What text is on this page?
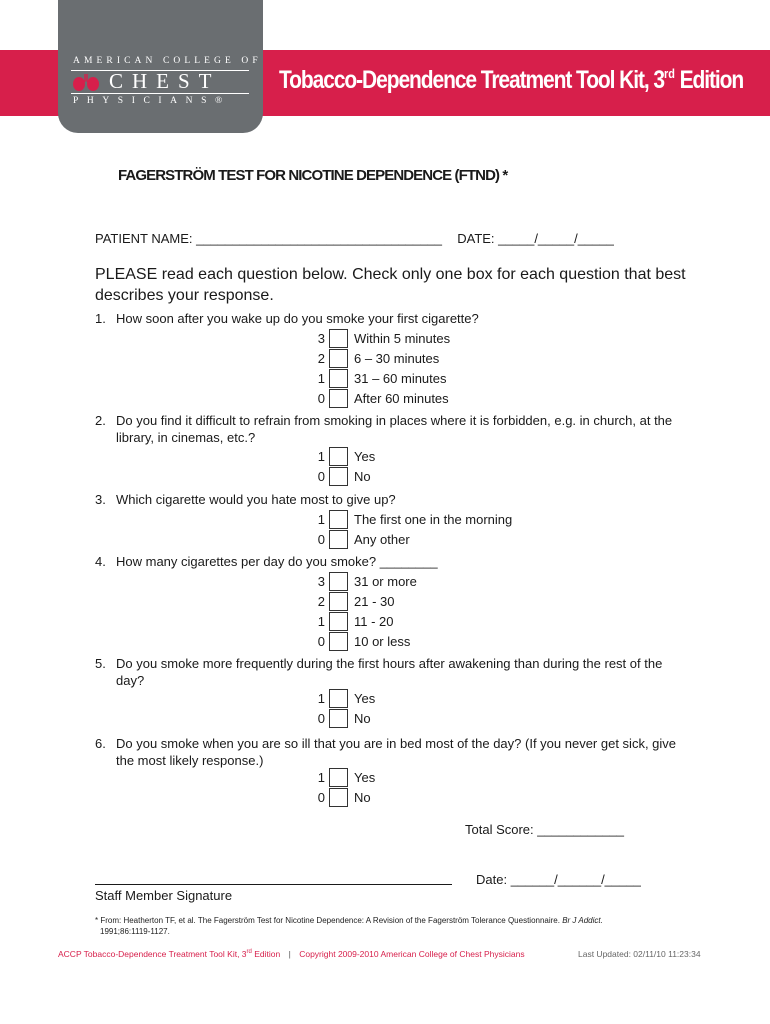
AMERICAN COLLEGE OF
CHEST
PHYSICIANS®
Tobacco-Dependence Treatment Tool Kit, 3rd Edition
FAGERSTRÖM TEST FOR NICOTINE DEPENDENCE (FTND) *
PATIENT NAME: __________________________________ DATE: _____/_____/_____
PLEASE read each question below. Check only one box for each question that best describes your response.
1. How soon after you wake up do you smoke your first cigarette?
3 Within 5 minutes
2 6 – 30 minutes
1 31 – 60 minutes
0 After 60 minutes
2. Do you find it difficult to refrain from smoking in places where it is forbidden, e.g. in church, at the library, in cinemas, etc.?
1 Yes
0 No
3. Which cigarette would you hate most to give up?
1 The first one in the morning
0 Any other
4. How many cigarettes per day do you smoke? ________
3 31 or more
2 21 - 30
1 11 - 20
0 10 or less
5. Do you smoke more frequently during the first hours after awakening than during the rest of the day?
1 Yes
0 No
6. Do you smoke when you are so ill that you are in bed most of the day? (If you never get sick, give the most likely response.)
1 Yes
0 No
Total Score: ____________
Staff Member Signature
Date: ______/______/_____
* From: Heatherton TF, et al. The Fagerström Test for Nicotine Dependence: A Revision of the Fagerström Tolerance Questionnaire. Br J Addict.
1991;86:1119-1127.
ACCP Tobacco-Dependence Treatment Tool Kit, 3rd Edition | Copyright 2009-2010 American College of Chest Physicians	Last Updated: 02/11/10 11:23:34
